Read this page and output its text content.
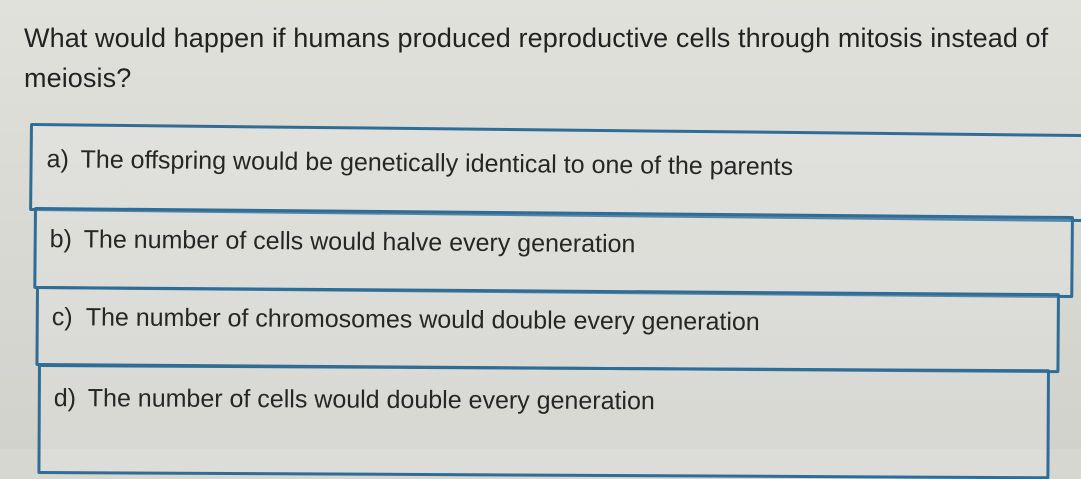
What would happen if humans produced reproductive cells through mitosis instead of meiosis?
a) The offspring would be genetically identical to one of the parents
b) The number of cells would halve every generation
c) The number of chromosomes would double every generation
d) The number of cells would double every generation
